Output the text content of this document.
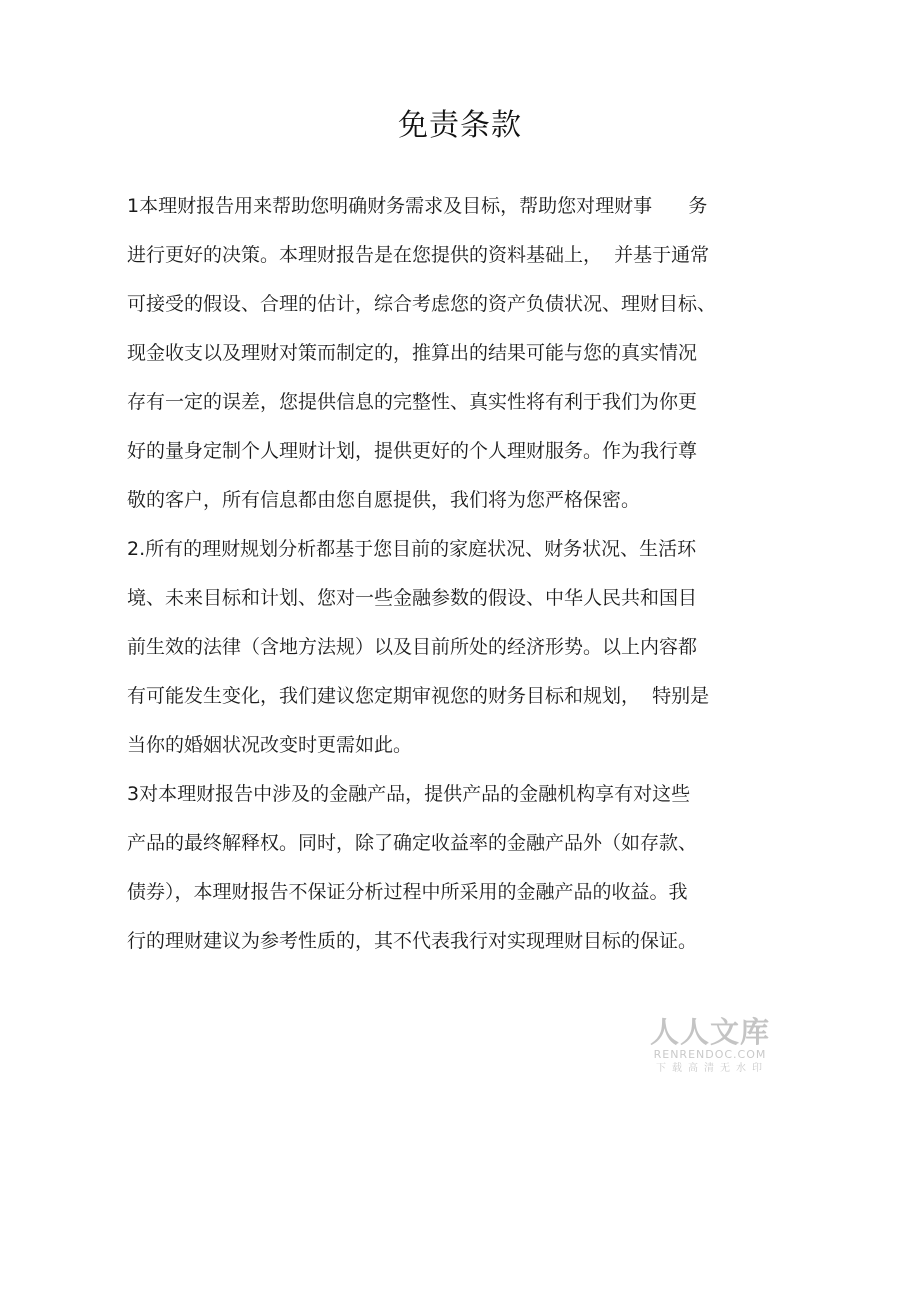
免责条款
1本理财报告用来帮助您明确财务需求及目标，帮助您对理财事      务
进行更好的决策。本理财报告是在您提供的资料基础上，  并基于通常
可接受的假设、合理的估计，综合考虑您的资产负债状况、理财目标、
现金收支以及理财对策而制定的，推算出的结果可能与您的真实情况
存有一定的误差，您提供信息的完整性、真实性将有利于我们为你更
好的量身定制个人理财计划，提供更好的个人理财服务。作为我行尊
敬的客户，所有信息都由您自愿提供，我们将为您严格保密。
2.所有的理财规划分析都基于您目前的家庭状况、财务状况、生活环
境、未来目标和计划、您对一些金融参数的假设、中华人民共和国目
前生效的法律（含地方法规）以及目前所处的经济形势。以上内容都
有可能发生变化，我们建议您定期审视您的财务目标和规划，  特别是
当你的婚姻状况改变时更需如此。
3对本理财报告中涉及的金融产品，提供产品的金融机构享有对这些
产品的最终解释权。同时，除了确定收益率的金融产品外（如存款、
债券），本理财报告不保证分析过程中所采用的金融产品的收益。我
行的理财建议为参考性质的，其不代表我行对实现理财目标的保证。
人人文库
RENRENDOC.COM
下载高清无水印
